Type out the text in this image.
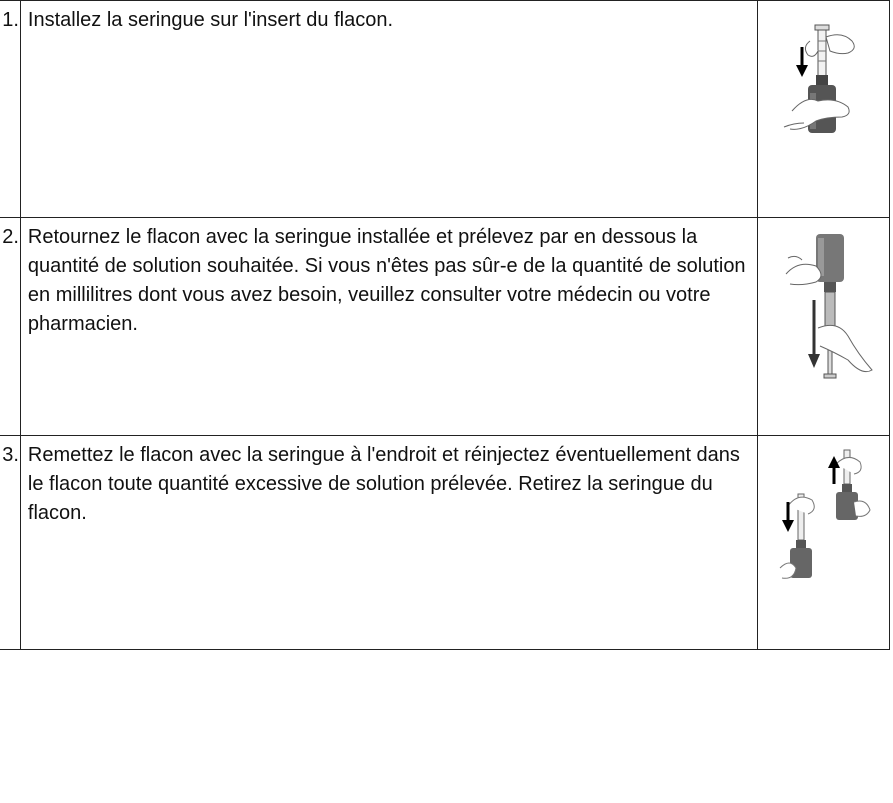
1.	Installez la seringue sur l'insert du flacon.	

2.	Retournez le flacon avec la seringue installée et prélevez par en dessous la quantité de solution souhaitée. Si vous n'êtes pas sûr-e de la quantité de solution en millilitres dont vous avez besoin, veuillez consulter votre médecin ou votre pharmacien.	

3.	Remettez le flacon avec la seringue à l'endroit et réinjectez éventuellement dans le flacon toute quantité excessive de solution prélevée. Retirez la seringue du flacon.	
